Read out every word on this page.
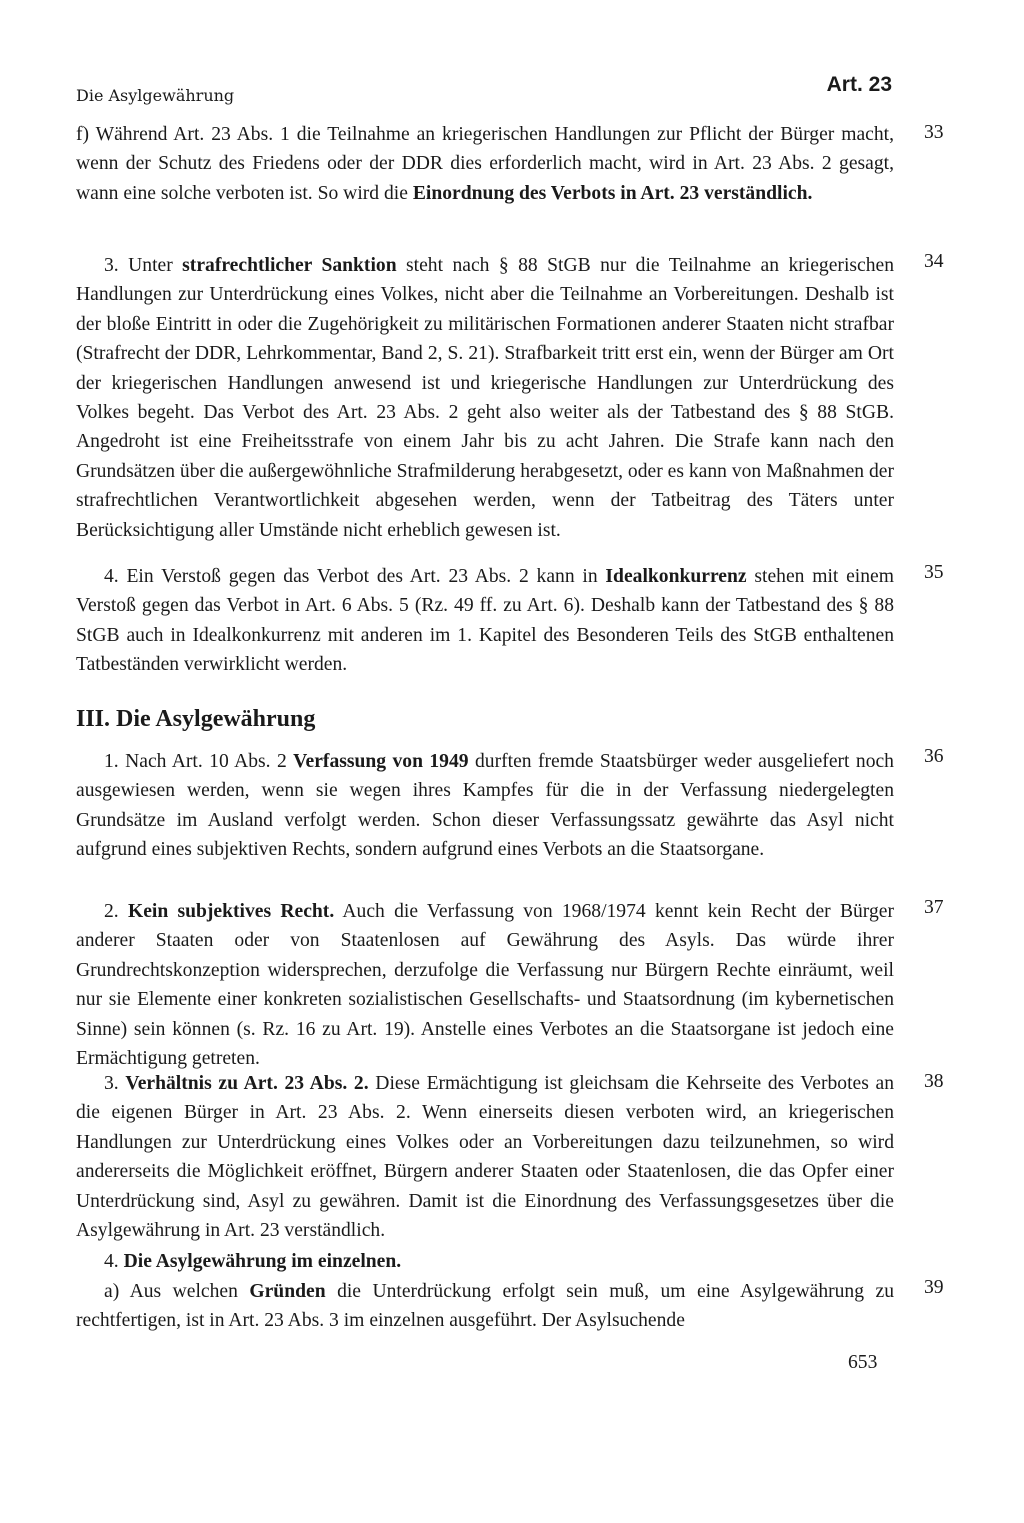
Die Asylgewährung	Art. 23

f) Während Art. 23 Abs. 1 die Teilnahme an kriegerischen Handlungen zur Pflicht der Bürger macht, wenn der Schutz des Friedens oder der DDR dies erforderlich macht, wird in Art. 23 Abs. 2 gesagt, wann eine solche verboten ist. So wird die Einordnung des Verbots in Art. 23 verständlich.

33

3. Unter strafrechtlicher Sanktion steht nach § 88 StGB nur die Teilnahme an kriegerischen Handlungen zur Unterdrückung eines Volkes, nicht aber die Teilnahme an Vorbereitungen. Deshalb ist der bloße Eintritt in oder die Zugehörigkeit zu militärischen Formationen anderer Staaten nicht strafbar (Strafrecht der DDR, Lehrkommentar, Band 2, S. 21). Strafbarkeit tritt erst ein, wenn der Bürger am Ort der kriegerischen Handlungen anwesend ist und kriegerische Handlungen zur Unterdrückung des Volkes begeht. Das Verbot des Art. 23 Abs. 2 geht also weiter als der Tatbestand des § 88 StGB. Angedroht ist eine Freiheitsstrafe von einem Jahr bis zu acht Jahren. Die Strafe kann nach den Grundsätzen über die außergewöhnliche Strafmilderung herabgesetzt, oder es kann von Maßnahmen der strafrechtlichen Verantwortlichkeit abgesehen werden, wenn der Tatbeitrag des Täters unter Berücksichtigung aller Umstände nicht erheblich gewesen ist.

34

4. Ein Verstoß gegen das Verbot des Art. 23 Abs. 2 kann in Idealkonkurrenz stehen mit einem Verstoß gegen das Verbot in Art. 6 Abs. 5 (Rz. 49 ff. zu Art. 6). Deshalb kann der Tatbestand des § 88 StGB auch in Idealkonkurrenz mit anderen im 1. Kapitel des Besonderen Teils des StGB enthaltenen Tatbeständen verwirklicht werden.

35
III. Die Asylgewährung

1. Nach Art. 10 Abs. 2 Verfassung von 1949 durften fremde Staatsbürger weder ausgeliefert noch ausgewiesen werden, wenn sie wegen ihres Kampfes für die in der Verfassung niedergelegten Grundsätze im Ausland verfolgt werden. Schon dieser Verfassungssatz gewährte das Asyl nicht aufgrund eines subjektiven Rechts, sondern aufgrund eines Verbots an die Staatsorgane.

36

2. Kein subjektives Recht. Auch die Verfassung von 1968/1974 kennt kein Recht der Bürger anderer Staaten oder von Staatenlosen auf Gewährung des Asyls. Das würde ihrer Grundrechtskonzeption widersprechen, derzufolge die Verfassung nur Bürgern Rechte einräumt, weil nur sie Elemente einer konkreten sozialistischen Gesellschafts- und Staatsordnung (im kybernetischen Sinne) sein können (s. Rz. 16 zu Art. 19). Anstelle eines Verbotes an die Staatsorgane ist jedoch eine Ermächtigung getreten.

37

3. Verhältnis zu Art. 23 Abs. 2. Diese Ermächtigung ist gleichsam die Kehrseite des Verbotes an die eigenen Bürger in Art. 23 Abs. 2. Wenn einerseits diesen verboten wird, an kriegerischen Handlungen zur Unterdrückung eines Volkes oder an Vorbereitungen dazu teilzunehmen, so wird andererseits die Möglichkeit eröffnet, Bürgern anderer Staaten oder Staatenlosen, die das Opfer einer Unterdrückung sind, Asyl zu gewähren. Damit ist die Einordnung des Verfassungsgesetzes über die Asylgewährung in Art. 23 verständlich.

38

4. Die Asylgewährung im einzelnen.

a) Aus welchen Gründen die Unterdrückung erfolgt sein muß, um eine Asylgewährung zu rechtfertigen, ist in Art. 23 Abs. 3 im einzelnen ausgeführt. Der Asylsuchende

39
653
